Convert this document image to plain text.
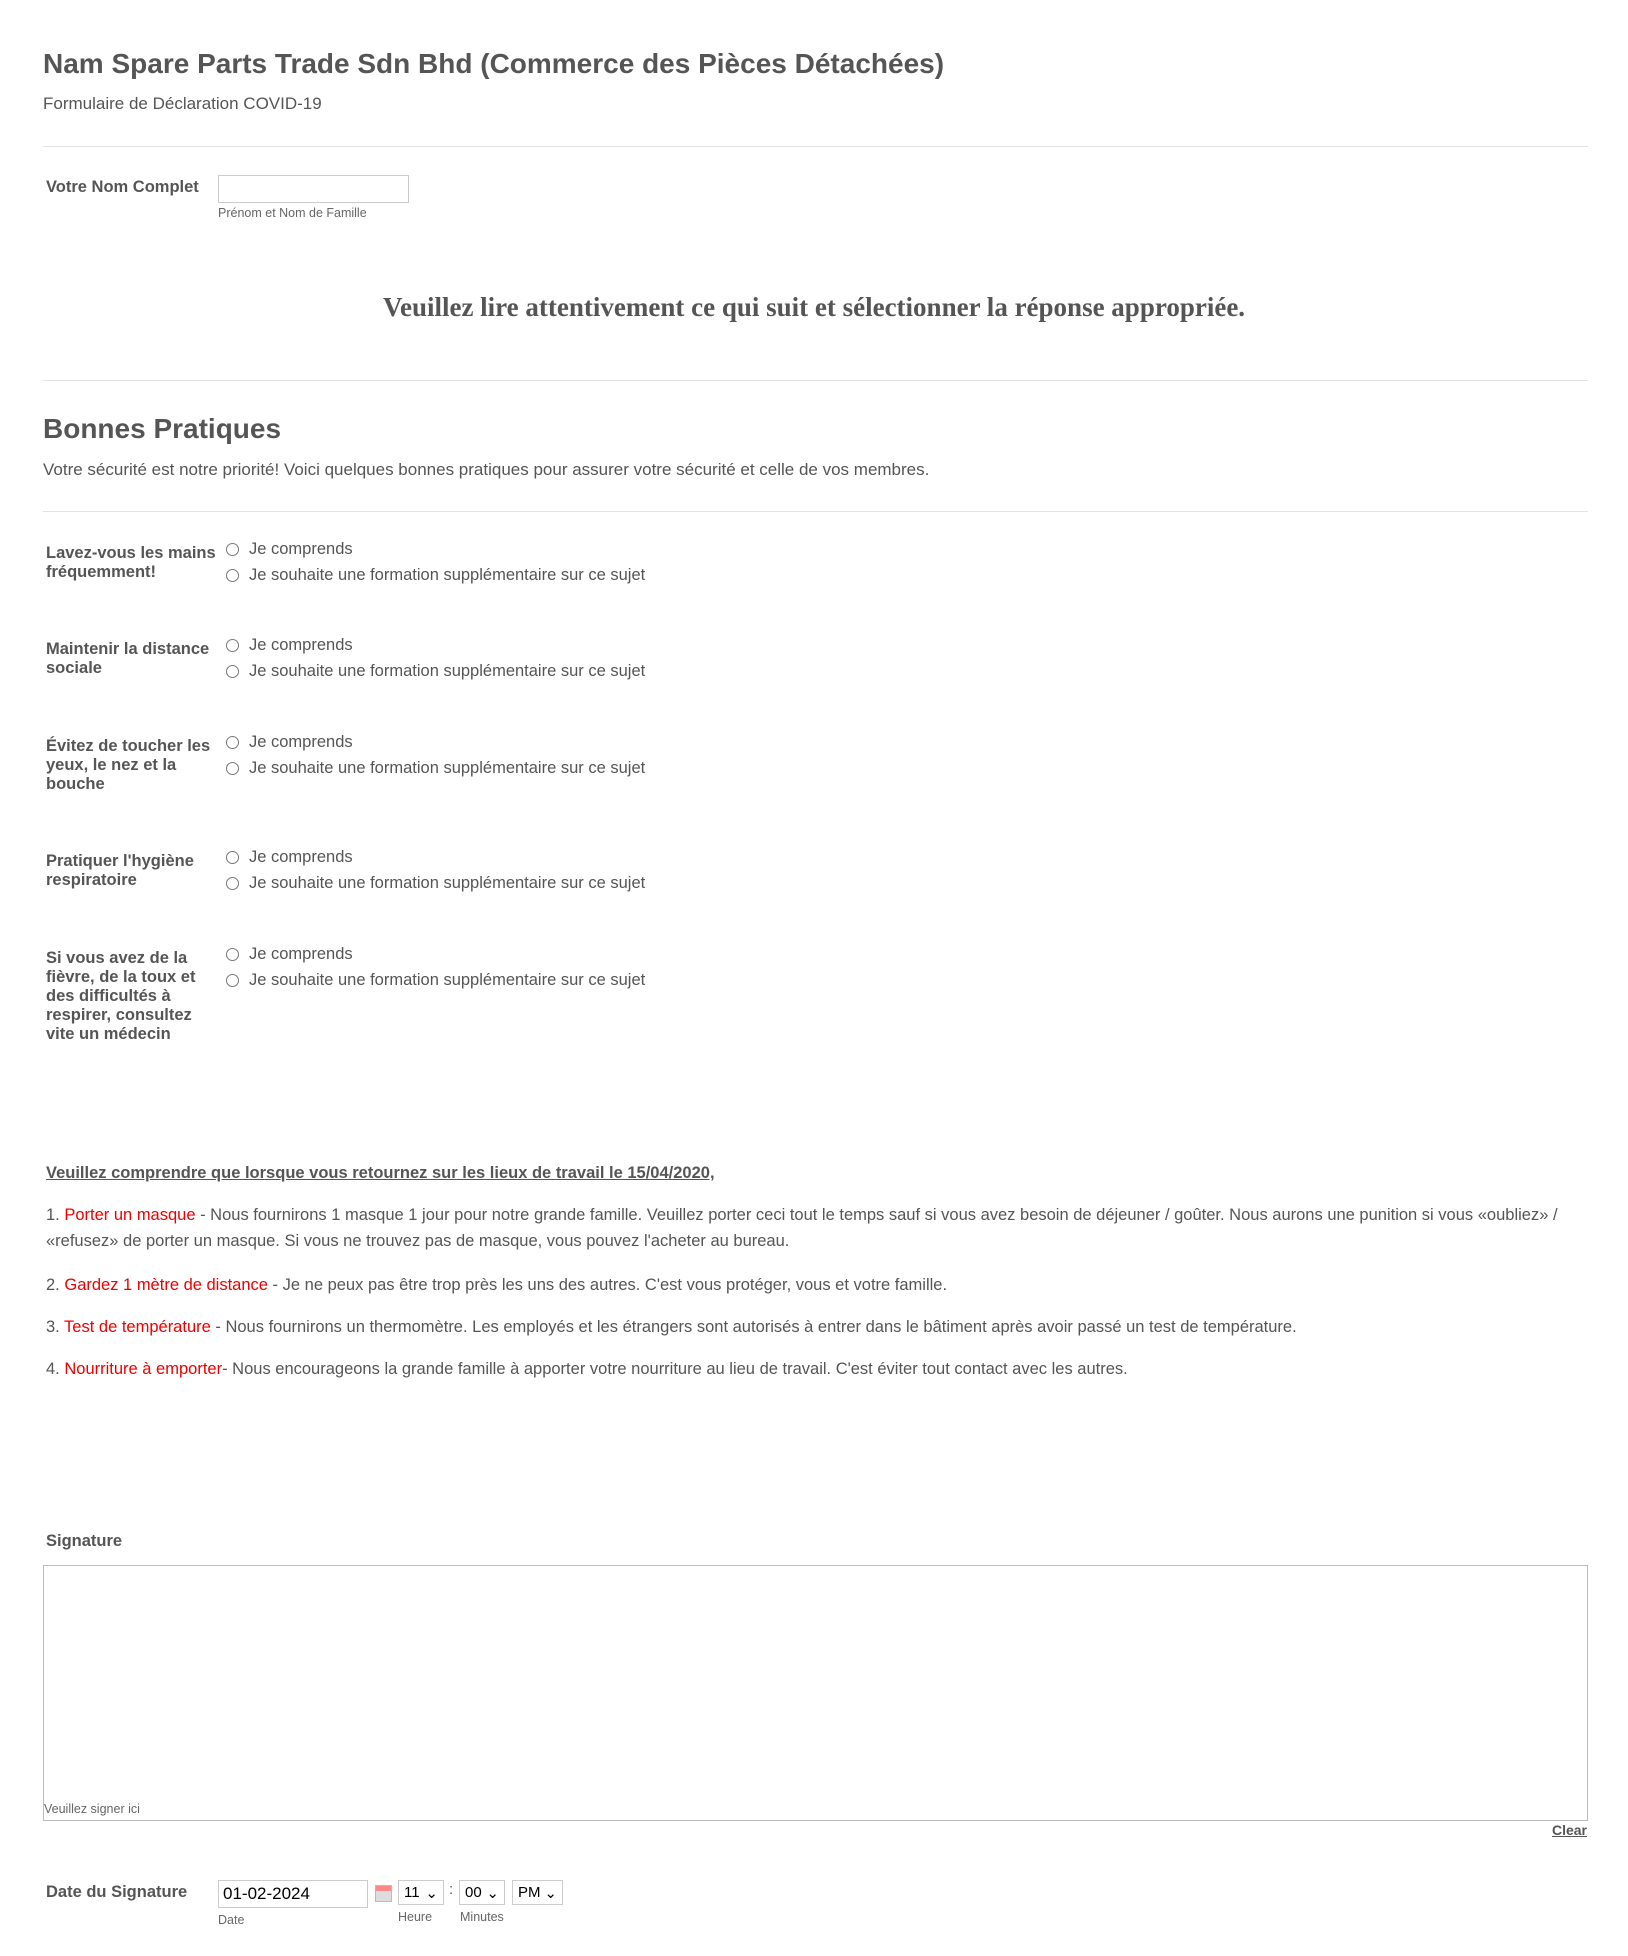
Nam Spare Parts Trade Sdn Bhd (Commerce des Pièces Détachées)
Formulaire de Déclaration COVID-19
Votre Nom Complet
Prénom et Nom de Famille
Veuillez lire attentivement ce qui suit et sélectionner la réponse appropriée.
Bonnes Pratiques
Votre sécurité est notre priorité! Voici quelques bonnes pratiques pour assurer votre sécurité et celle de vos membres.
Lavez-vous les mains fréquemment!
Je comprends
Je souhaite une formation supplémentaire sur ce sujet
Maintenir la distance sociale
Je comprends
Je souhaite une formation supplémentaire sur ce sujet
Évitez de toucher les yeux, le nez et la bouche
Je comprends
Je souhaite une formation supplémentaire sur ce sujet
Pratiquer l'hygiène respiratoire
Je comprends
Je souhaite une formation supplémentaire sur ce sujet
Si vous avez de la fièvre, de la toux et des difficultés à respirer, consultez vite un médecin
Je comprends
Je souhaite une formation supplémentaire sur ce sujet
Veuillez comprendre que lorsque vous retournez sur les lieux de travail le 15/04/2020,
1. Porter un masque - Nous fournirons 1 masque 1 jour pour notre grande famille. Veuillez porter ceci tout le temps sauf si vous avez besoin de déjeuner / goûter. Nous aurons une punition si vous «oubliez» / «refusez» de porter un masque. Si vous ne trouvez pas de masque, vous pouvez l'acheter au bureau.
2. Gardez 1 mètre de distance - Je ne peux pas être trop près les uns des autres. C'est vous protéger, vous et votre famille.
3. Test de température - Nous fournirons un thermomètre. Les employés et les étrangers sont autorisés à entrer dans le bâtiment après avoir passé un test de température.
4. Nourriture à emporter- Nous encourageons la grande famille à apporter votre nourriture au lieu de travail. C'est éviter tout contact avec les autres.
Signature
Veuillez signer ici
Clear
Date du Signature
01-02-2024
Date
11 ⌄ : 00 ⌄ PM ⌄
Heure Minutes
